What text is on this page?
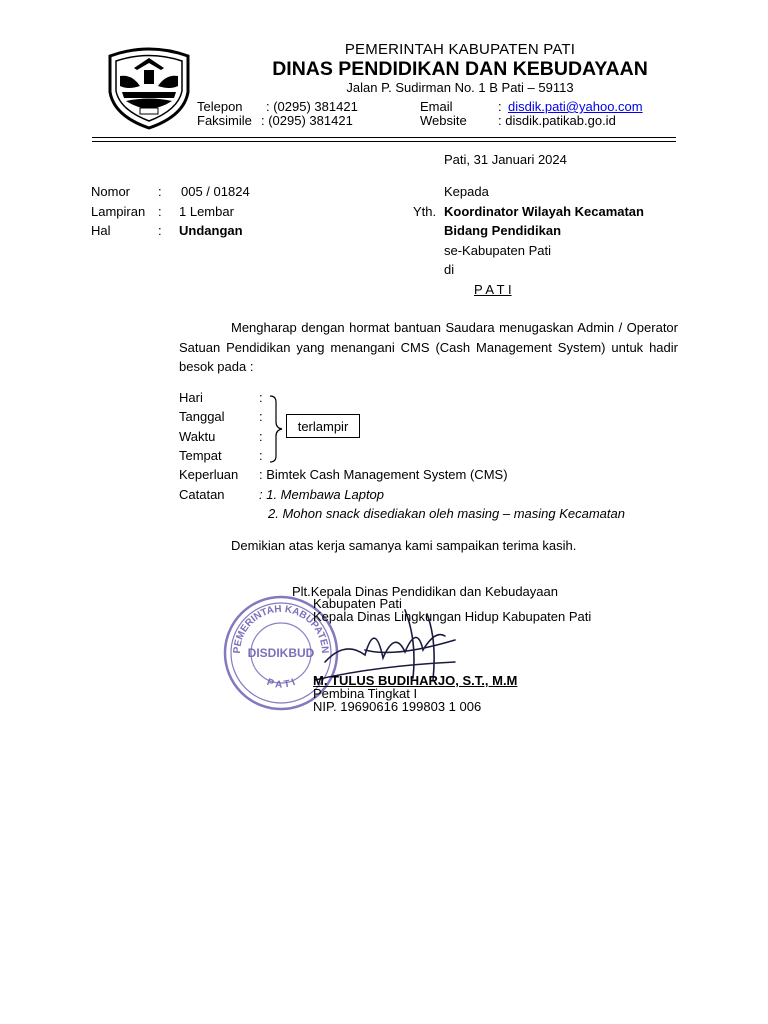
PEMERINTAH KABUPATEN PATI
DINAS PENDIDIKAN DAN KEBUDAYAAN
Jalan P. Sudirman No. 1 B Pati – 59113
Telepon : (0295) 381421
Faksimile : (0295) 381421
Email	: disdik.pati@yahoo.com
Website : disdik.patikab.go.id
Pati, 31 Januari 2024
Nomor : 005 / 01824
Lampiran : 1 Lembar
Hal	: Undangan
Kepada
Yth. Koordinator Wilayah Kecamatan
Bidang Pendidikan
se-Kabupaten Pati
di
P A T I
Mengharap dengan hormat bantuan Saudara menugaskan Admin / Operator Satuan Pendidikan yang menangani CMS (Cash Management System) untuk hadir besok pada :
Hari	:
Tanggal	:
Waktu	:
Tempat	:
terlampir
Keperluan : Bimtek Cash Management System (CMS)
Catatan	: 1. Membawa Laptop
2. Mohon snack disediakan oleh masing – masing Kecamatan
Demikian atas kerja samanya kami sampaikan terima kasih.
PEMERINTAH KABUPATEN
DISDIKBUD
P A T I
Plt.Kepala Dinas Pendidikan dan Kebudayaan
Kabupaten Pati
Kepala Dinas Lingkungan Hidup Kabupaten Pati
M. TULUS BUDIHARJO, S.T., M.M
Pembina Tingkat I
NIP. 19690616 199803 1 006
